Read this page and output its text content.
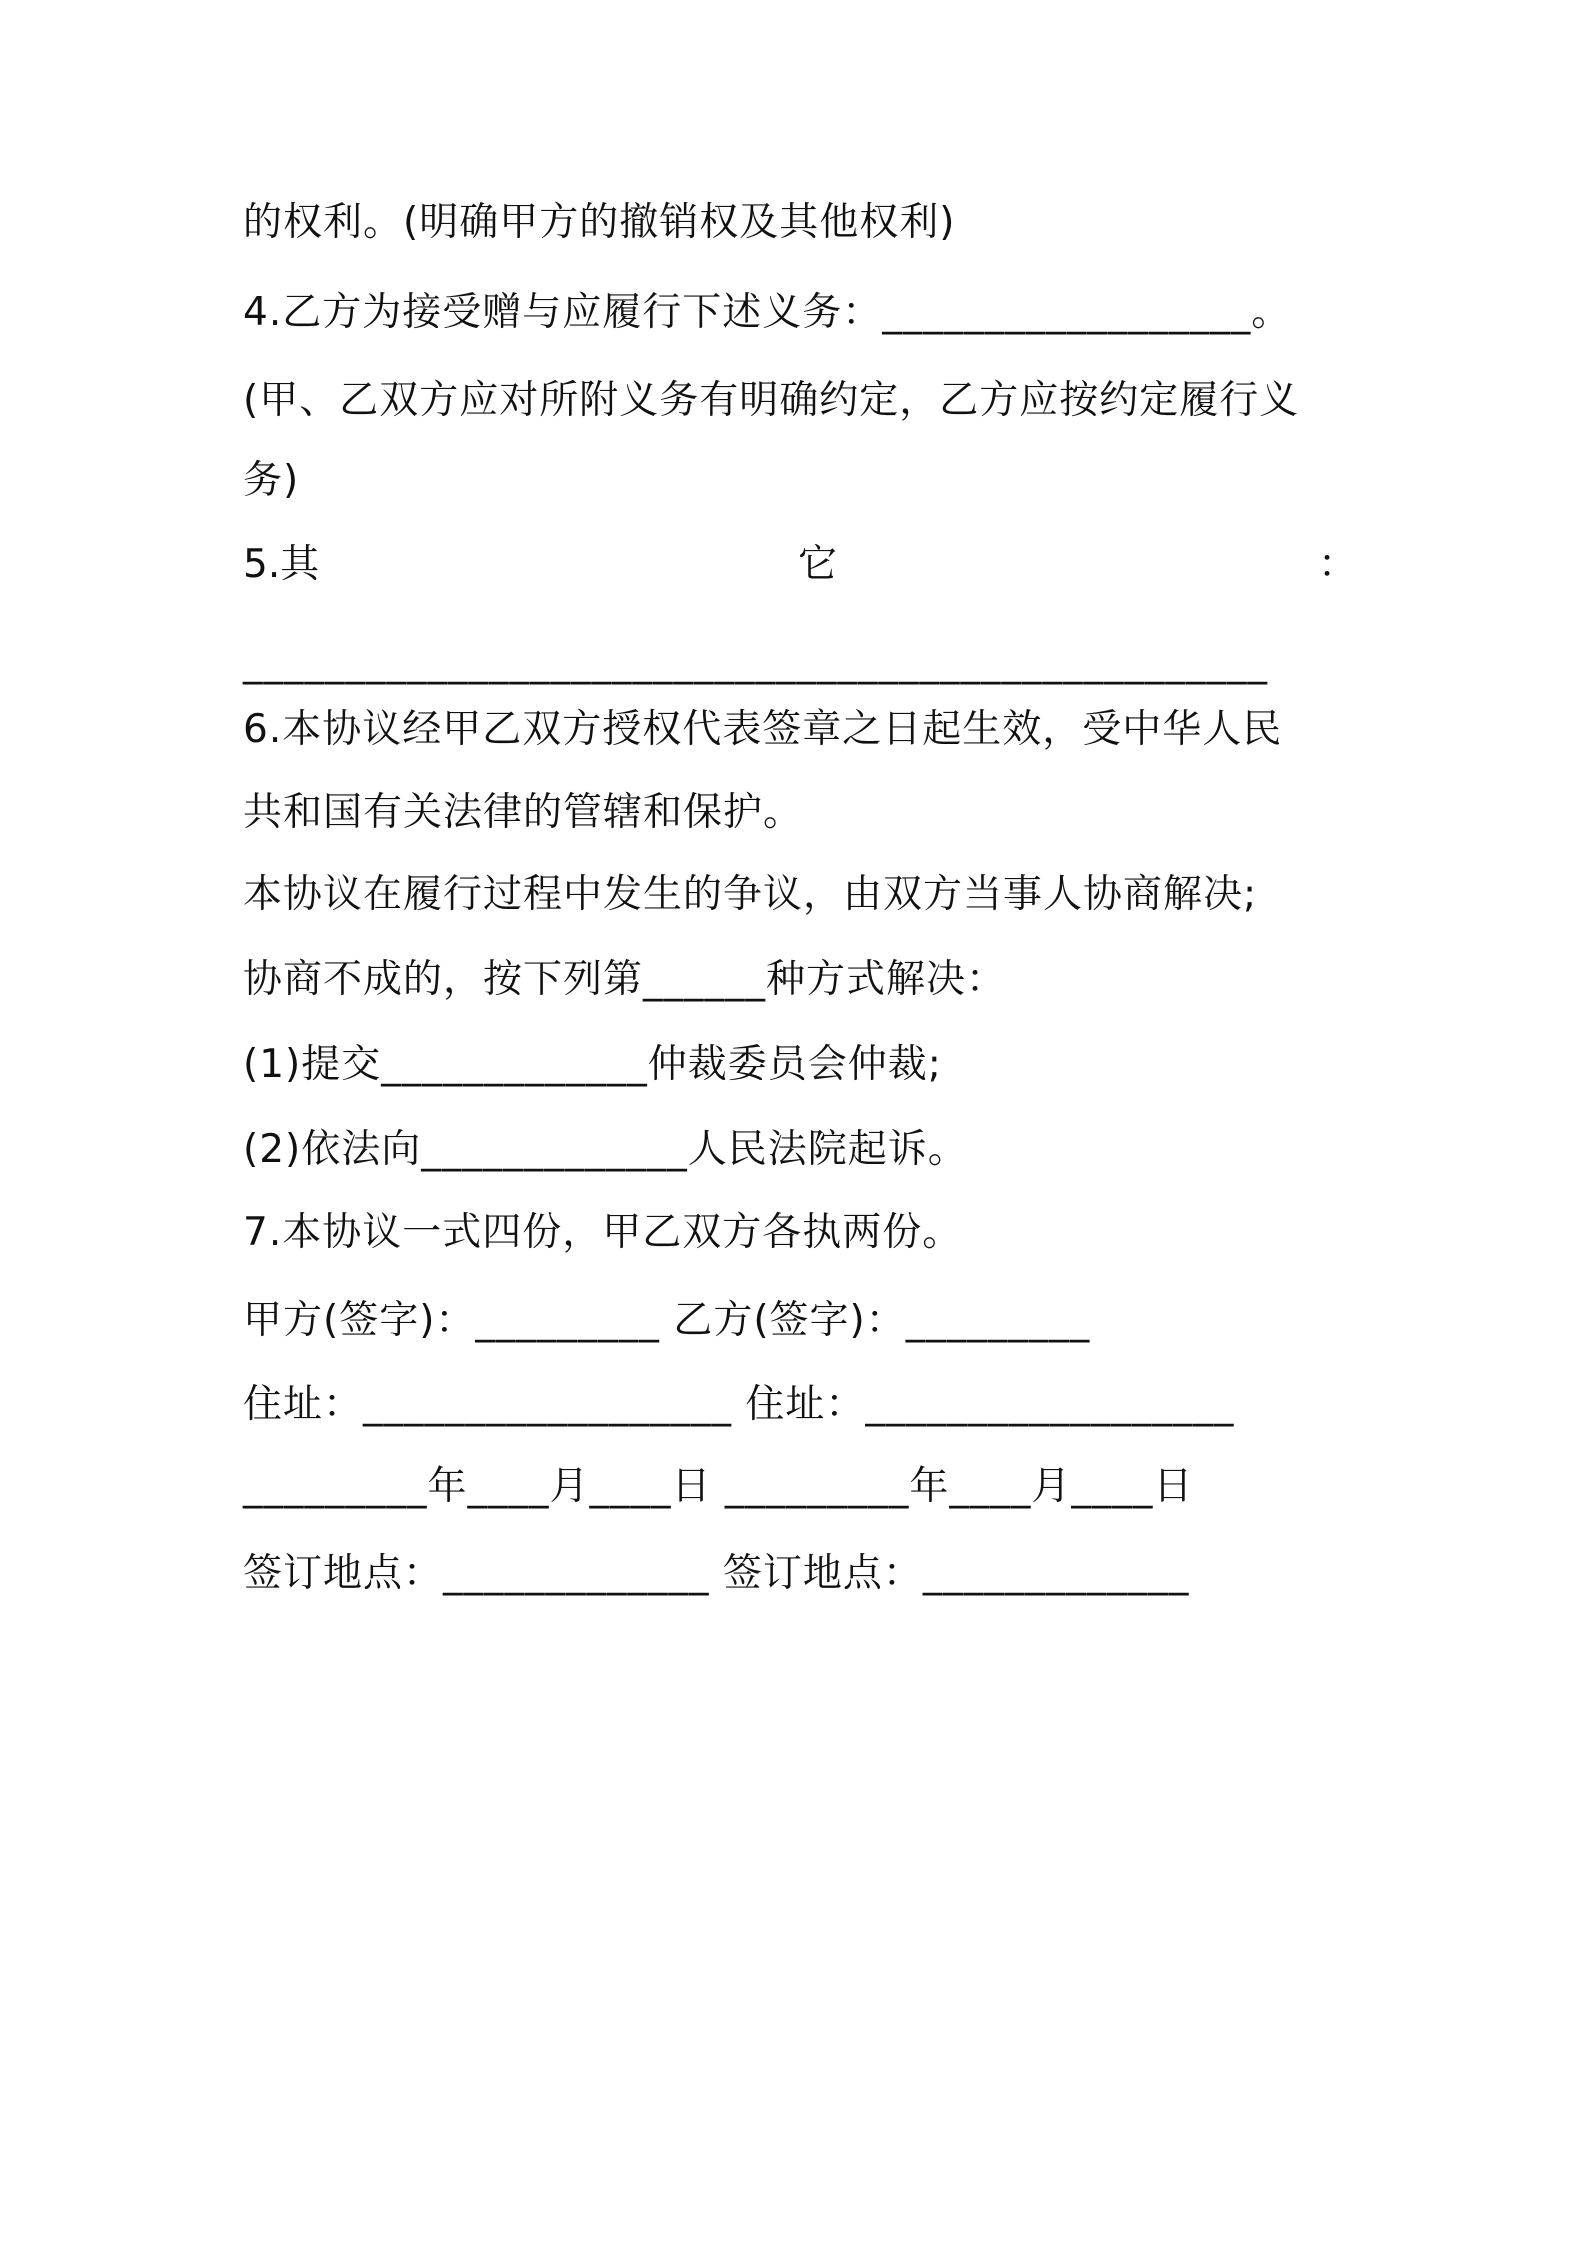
的权利。(明确甲方的撤销权及其他权利)
4.乙方为接受赠与应履行下述义务：__________________。
(甲、乙双方应对所附义务有明确约定，乙方应按约定履行义
务)
5.其	它	：
__________________________________________________
6.本协议经甲乙双方授权代表签章之日起生效，受中华人民
共和国有关法律的管辖和保护。
本协议在履行过程中发生的争议，由双方当事人协商解决;
协商不成的，按下列第______种方式解决：
(1)提交_____________仲裁委员会仲裁;
(2)依法向_____________人民法院起诉。
7.本协议一式四份，甲乙双方各执两份。
甲方(签字)：_________ 乙方(签字)：_________
住址：__________________ 住址：__________________
_________年____月____日 _________年____月____日
签订地点：_____________ 签订地点：_____________
